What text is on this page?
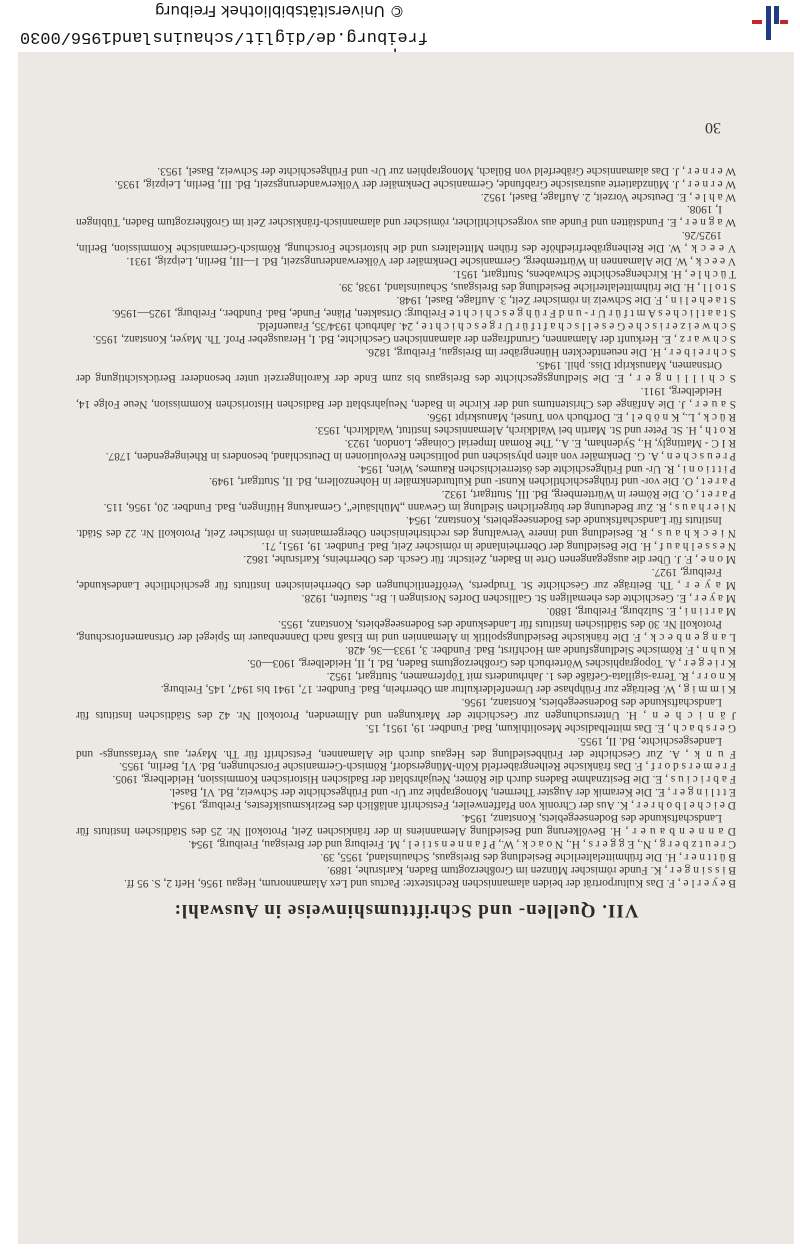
freiburg.de/diglit/schauinsland1956/0030
© Universitätsbibliothek Freiburg
VII. Quellen- und Schrifttumshinweise in Auswahl:

B e y e r l e , F. Das Kulturporträt der beiden alamannischen Rechtstexte: Pactus und Lex Alamannorum, Hegau 1956, Heft 2, S. 95 ff.

B i s s i n g e r , K. Funde römischer Münzen im Großherzogtum Baden, Karlsruhe, 1889.

B ü t t n e r , H. Die frühmittelalterliche Besiedlung des Breisgaus, Schauinsland, 1955, 39.

C r e u t z b e r g , N., E g g e r s , H., N o a c k , W., P f a n n e n s t i e l , M. Freiburg und der Breisgau, Freiburg, 1954.

D a n n e n b a u e r , H. Bevölkerung und Besiedlung Alemanniens in der fränkischen Zeit, Protokoll Nr. 25 des Städtischen Instituts für Landschaftskunde des Bodenseegebiets, Konstanz, 1954.

D e i c h e l b o h r e r , K. Aus der Chronik von Pfaffenweiler, Festschrift anläßlich des Bezirksmusikfestes, Freiburg, 1954.

E t t l i n g e r , E. Die Keramik der Augster Thermen, Monographie zur Ur- und Frühgeschichte der Schweiz, Bd. VI, Basel.

F a b r i c i u s , E. Die Besitznahme Badens durch die Römer, Neujahrsblatt der Badischen Historischen Kommission, Heidelberg, 1905.

F r e m e r s d o r f , F. Das fränkische Reihengräberfeld Köln-Müngersdorf, Römisch-Germanische Forschungen, Bd. VI, Berlin, 1955.

F u n k , A. Zur Geschichte der Frühbesiedlung des Hegaus durch die Alamannen, Festschrift für Th. Mayer, aus Verfassungs- und Landesgeschichte, Bd. II, 1955.

G e r s b a c h , E. Das mittelbadische Mesolithikum, Bad. Fundber. 19, 1951, 15.

J ä n i c h e n , H. Untersuchungen zur Geschichte der Markungen und Allmenden, Protokoll Nr. 42 des Städtischen Instituts für Landschaftskunde des Bodenseegebiets, Konstanz, 1956.

K i m m i g , W. Beiträge zur Frühphase der Urnenfelderkultur am Oberrhein, Bad. Fundber. 17, 1941 bis 1947, 145, Freiburg.

K n o r r , R. Terra-sigillata-Gefäße des 1. Jahrhunderts mit Töpfernamen, Stuttgart, 1952.

K r i e g e r , A. Topographisches Wörterbuch des Großherzogtums Baden, Bd. I, II, Heidelberg, 1903—05.

K u h n , F. Römische Siedlungsfunde am Hochfirst, Bad. Fundber. 3, 1933—36, 428.

L a n g e n b e c k , F. Die fränkische Besiedlungspolitik in Alemannien und im Elsaß nach Dannenbauer im Spiegel der Ortsnamenforschung, Protokoll Nr. 30 des Städtischen Instituts für Landeskunde des Bodenseegebiets, Konstanz, 1955.

M a r t i n i , E. Sulzburg, Freiburg, 1880.

M a y e r , E. Geschichte des ehemaligen St. Gallischen Dorfes Norsingen i. Br., Staufen, 1928.

M a y e r , Th. Beiträge zur Geschichte St. Trudperts, Veröffentlichungen des Oberrheinischen Instituts für geschichtliche Landeskunde, Freiburg, 1927.

M o n e , F. J. Über die ausgegangenen Orte in Baden, Zeitschr. für Gesch. des Oberrheins, Karlsruhe, 1862.

N e s s e l h a u f , H. Die Besiedlung der Oberrheinlande in römischer Zeit, Bad. Fundber. 19, 1951, 71.

N i e c k h a u s , R. Besiedlung und innere Verwaltung des rechtsrheinischen Obergermaniens in römischer Zeit, Protokoll Nr. 22 des Städt. Instituts für Landschaftskunde des Bodenseegebiets, Konstanz, 1954.

N i e r h a u s , R. Zur Bedeutung der bürgerlichen Siedlung im Gewann „Mühlsäule“, Gemarkung Hüfingen, Bad. Fundber. 20, 1956, 115.

P a r e t , O. Die Römer in Württemberg, Bd. III, Stuttgart, 1932.

P a r e t , O. Die vor- und frühgeschichtlichen Kunst- und Kulturdenkmäler in Hohenzollern, Bd. II, Stuttgart, 1949.

P i t t i o n i , R. Ur- und Frühgeschichte des österreichischen Raumes, Wien, 1954.

P r e u s c h e n , A. G. Denkmäler von alten physischen und politischen Revolutionen in Deutschland, besonders in Rheingegenden, 1787.

R I C - Mattingly, H., Sydenham, E. A., The Roman Imperial Coinage, London, 1923.

R o t h , H. St. Peter und St. Martin bei Waldkirch, Alemannisches Institut, Waldkirch, 1953.

R ü c k , L., K n ö b e l , E. Dorfbuch von Tunsel, Manuskript 1956.

S a u e r , J. Die Anfänge des Christentums und der Kirche in Baden, Neujahrsblatt der Badischen Historischen Kommission, Neue Folge 14, Heidelberg, 1911.

S c h i l l i n g e r , E. Die Siedlungsgeschichte des Breisgaus bis zum Ende der Karolingerzeit unter besonderer Berücksichtigung der Ortsnamen, Manuskript Diss. phil. 1945.

S c h r e i b e r , H. Die neuentdeckten Hünengräber im Breisgau, Freiburg, 1826.

S c h w a r z , E. Herkunft der Alamannen, Grundfragen der alamannischen Geschichte, Bd. I, Herausgeber Prof. Th. Mayer, Konstanz, 1955.

S c h w e i z e r i s c h e G e s e l l s c h a f t f ü r U r g e s c h i c h t e , 24. Jahrbuch 1934/35, Frauenfeld.

S t a a t l i c h e s A m t f ü r U r - u n d F r ü h g e s c h i c h t e Freiburg: Ortsakten, Pläne, Funde, Bad. Fundber., Freiburg, 1925—1956.

S t a e h e l i n , F. Die Schweiz in römischer Zeit, 3. Auflage, Basel, 1948.

S t o l l , H. Die frühmittelalterliche Besiedlung des Breisgaus, Schauinsland, 1938, 39.

T ü c h l e , H. Kirchengeschichte Schwabens, Stuttgart, 1951.

V e e c k , W. Die Alamannen in Württemberg, Germanische Denkmäler der Völkerwanderungszeit, Bd. I—III, Berlin, Leipzig, 1931.

V e e c k , W. Die Reihengräberfriedhöfe des frühen Mittelalters und die historische Forschung, Römisch-Germanische Kommission, Berlin, 1925/26.

W a g n e r , E. Fundstätten und Funde aus vorgeschichtlicher, römischer und alamannisch-fränkischer Zeit im Großherzogtum Baden, Tübingen I, 1908.

W a h l e , E. Deutsche Vorzeit, 2. Auflage, Basel, 1952.

W e r n e r , J. Münzdatierte austrasische Grabfunde, Germanische Denkmäler der Völkerwanderungszeit, Bd. III, Berlin, Leipzig, 1935.

W e r n e r , J. Das alamannische Gräberfeld von Bülach, Monographien zur Ur- und Frühgeschichte der Schweiz, Basel, 1953.

30
